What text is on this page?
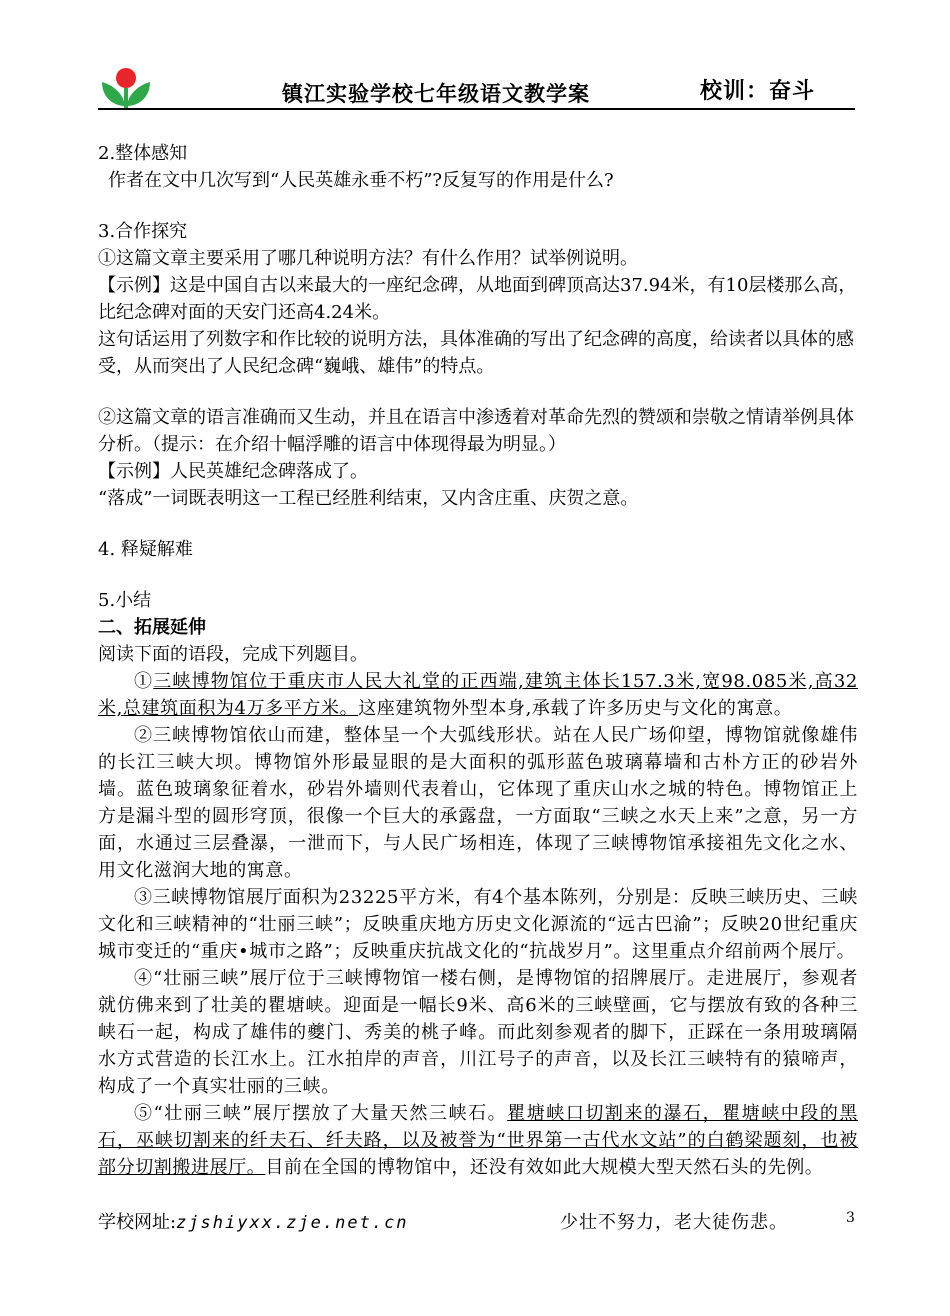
镇江实验学校七年级语文教学案	校训：奋斗

2.整体感知

作者在文中几次写到“人民英雄永垂不朽”?反复写的作用是什么?

3.合作探究

①这篇文章主要采用了哪几种说明方法？有什么作用？试举例说明。

【示例】这是中国自古以来最大的一座纪念碑，从地面到碑顶高达37.94米，有10层楼那么高，比纪念碑对面的天安门还高4.24米。

这句话运用了列数字和作比较的说明方法，具体准确的写出了纪念碑的高度，给读者以具体的感受，从而突出了人民纪念碑“巍峨、雄伟”的特点。

②这篇文章的语言准确而又生动，并且在语言中渗透着对革命先烈的赞颂和崇敬之情请举例具体分析。（提示：在介绍十幅浮雕的语言中体现得最为明显。）

【示例】人民英雄纪念碑落成了。

“落成”一词既表明这一工程已经胜利结束，又内含庄重、庆贺之意。

4. 释疑解难

5.小结

二、拓展延伸

阅读下面的语段，完成下列题目。

①三峡博物馆位于重庆市人民大礼堂的正西端,建筑主体长157.3米,宽98.085米,高32米,总建筑面积为4万多平方米。这座建筑物外型本身,承载了许多历史与文化的寓意。

②三峡博物馆依山而建，整体呈一个大弧线形状。站在人民广场仰望，博物馆就像雄伟的长江三峡大坝。博物馆外形最显眼的是大面积的弧形蓝色玻璃幕墙和古朴方正的砂岩外墙。蓝色玻璃象征着水，砂岩外墙则代表着山，它体现了重庆山水之城的特色。博物馆正上方是漏斗型的圆形穹顶，很像一个巨大的承露盘，一方面取“三峡之水天上来”之意，另一方面，水通过三层叠瀑，一泄而下，与人民广场相连，体现了三峡博物馆承接祖先文化之水、用文化滋润大地的寓意。

③三峡博物馆展厅面积为23225平方米，有4个基本陈列，分别是：反映三峡历史、三峡文化和三峡精神的“壮丽三峡”；反映重庆地方历史文化源流的“远古巴渝”；反映20世纪重庆城市变迁的“重庆•城市之路”；反映重庆抗战文化的“抗战岁月”。这里重点介绍前两个展厅。

④“壮丽三峡”展厅位于三峡博物馆一楼右侧，是博物馆的招牌展厅。走进展厅，参观者就仿佛来到了壮美的瞿塘峡。迎面是一幅长9米、高6米的三峡壁画，它与摆放有致的各种三峡石一起，构成了雄伟的夔门、秀美的桃子峰。而此刻参观者的脚下，正踩在一条用玻璃隔水方式营造的长江水上。江水拍岸的声音，川江号子的声音，以及长江三峡特有的猿啼声，构成了一个真实壮丽的三峡。

⑤“壮丽三峡”展厅摆放了大量天然三峡石。瞿塘峡口切割来的瀑石，瞿塘峡中段的黑石，巫峡切割来的纤夫石、纤夫路，以及被誉为“世界第一古代水文站”的白鹤梁题刻，也被部分切割搬进展厅。目前在全国的博物馆中，还没有效如此大规模大型天然石头的先例。

学校网址:zjshiyxx.zje.net.cn	少壮不努力，老大徒伤悲。	3
